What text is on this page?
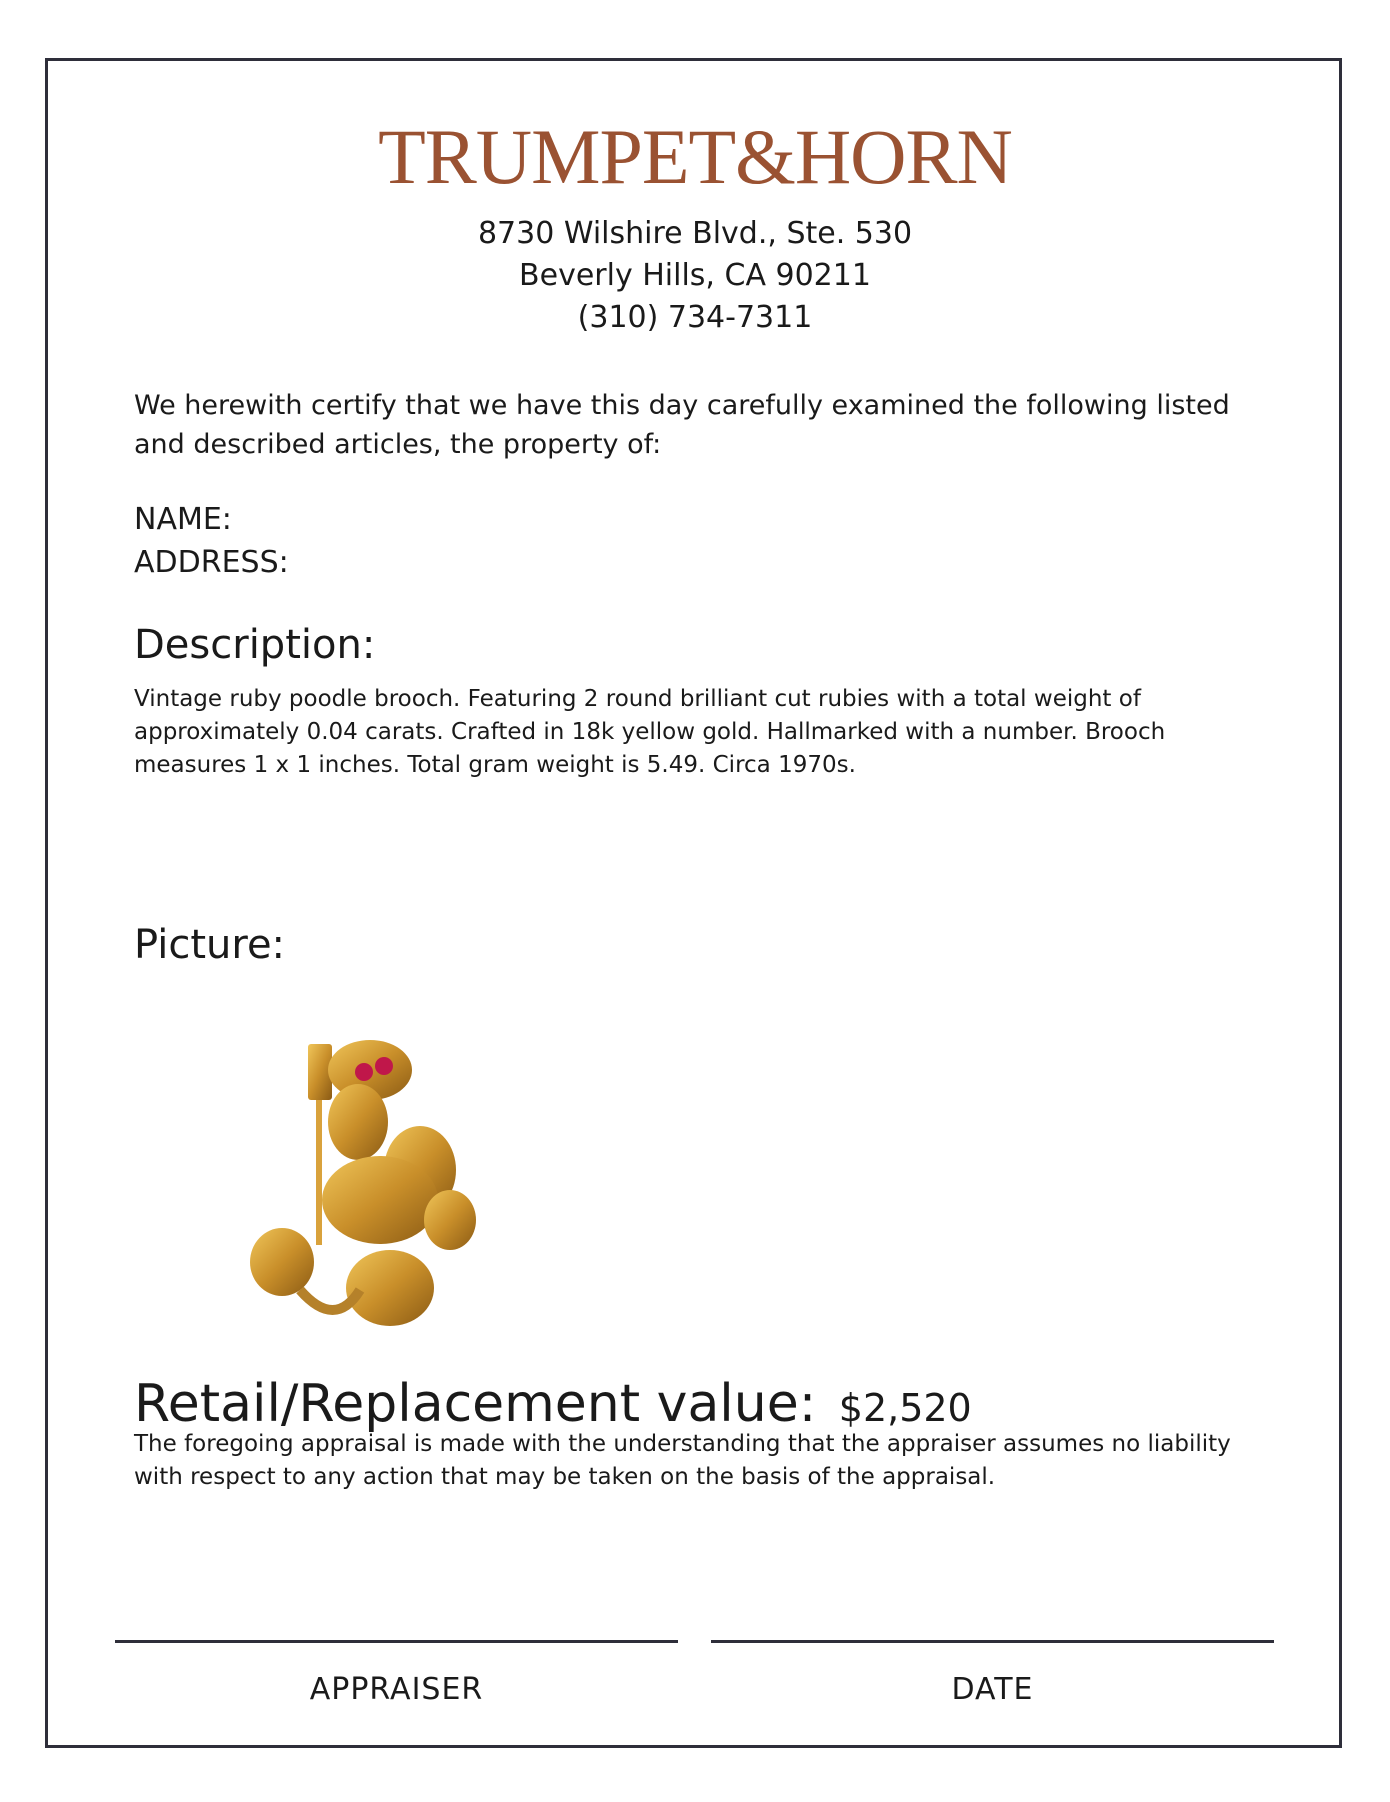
TRUMPET&HORN
8730 Wilshire Blvd., Ste. 530
Beverly Hills, CA 90211
(310) 734-7311
We herewith certify that we have this day carefully examined the following listed and described articles, the property of:
NAME:
ADDRESS:
Description:
Vintage ruby poodle brooch. Featuring 2 round brilliant cut rubies with a total weight of approximately 0.04 carats. Crafted in 18k yellow gold. Hallmarked with a number. Brooch measures 1 x 1 inches. Total gram weight is 5.49. Circa 1970s.
Picture:
Retail/Replacement value: $2,520
The foregoing appraisal is made with the understanding that the appraiser assumes no liability with respect to any action that may be taken on the basis of the appraisal.
APPRAISER	DATE
